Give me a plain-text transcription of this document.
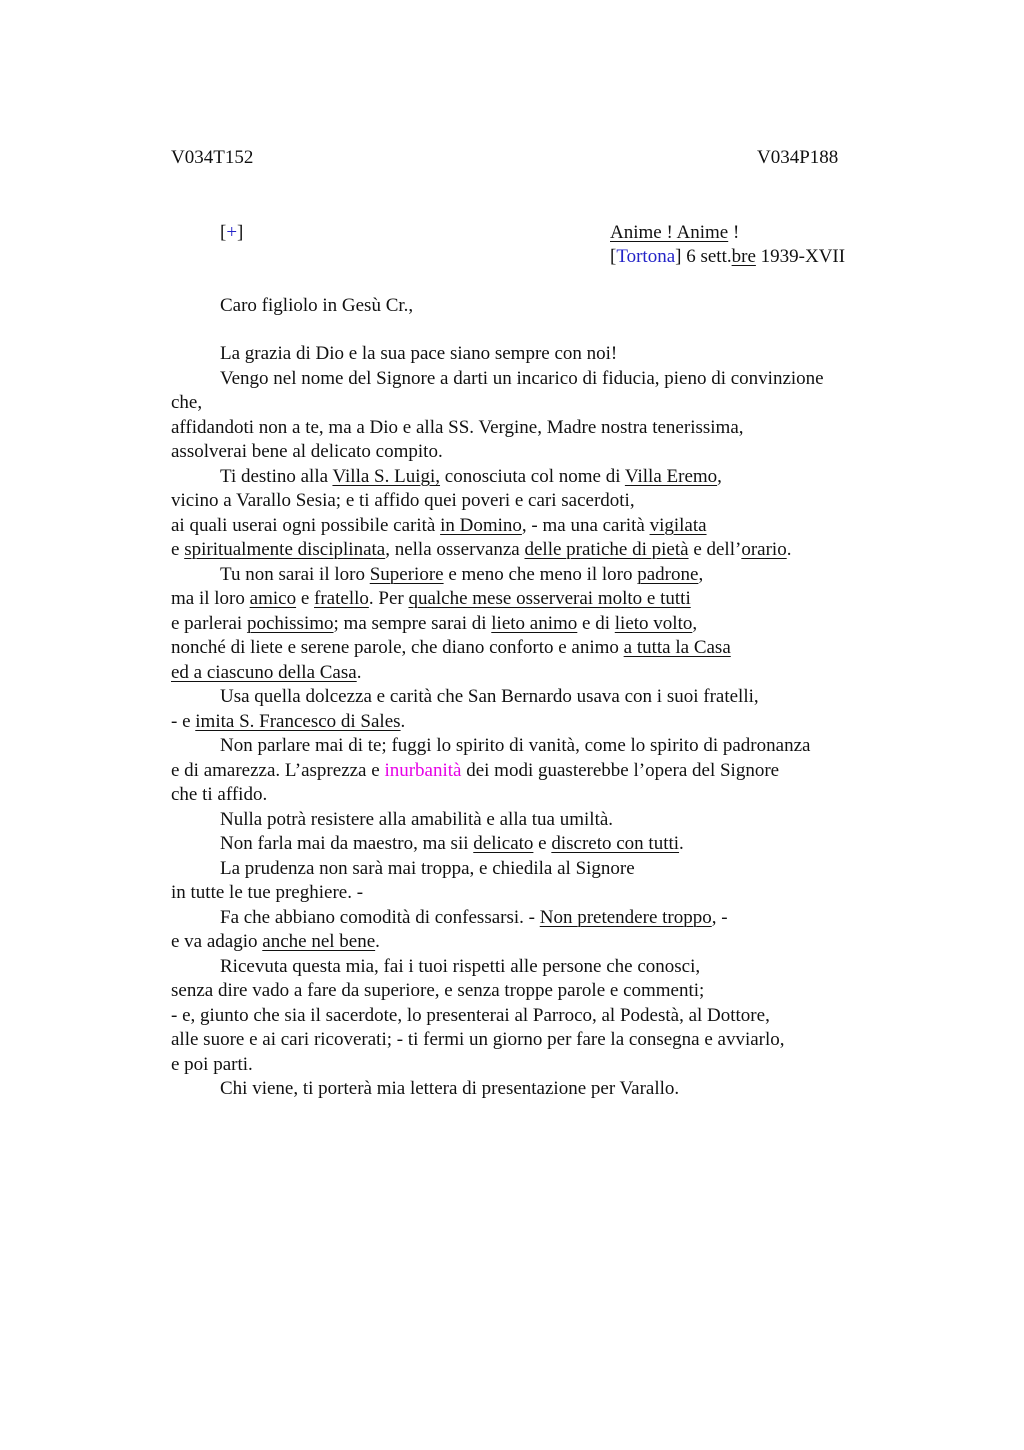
V034T152	V034P188
[+]	Anime ! Anime !
[Tortona] 6 sett.bre 1939-XVII
Caro figliolo in Gesù Cr.,
La grazia di Dio e la sua pace siano sempre con noi!
Vengo nel nome del Signore a darti un incarico di fiducia, pieno di convinzione
che,
affidandoti non a te, ma a Dio e alla SS. Vergine, Madre nostra tenerissima,
assolverai bene al delicato compito.
Ti destino alla Villa S. Luigi, conosciuta col nome di Villa Eremo,
vicino a Varallo Sesia; e ti affido quei poveri e cari sacerdoti,
ai quali userai ogni possibile carità in Domino, - ma una carità vigilata
e spiritualmente disciplinata, nella osservanza delle pratiche di pietà e dell’orario.
Tu non sarai il loro Superiore e meno che meno il loro padrone,
ma il loro amico e fratello. Per qualche mese osserverai molto e tutti
e parlerai pochissimo; ma sempre sarai di lieto animo e di lieto volto,
nonché di liete e serene parole, che diano conforto e animo a tutta la Casa
ed a ciascuno della Casa.
Usa quella dolcezza e carità che San Bernardo usava con i suoi fratelli,
- e imita S. Francesco di Sales.
Non parlare mai di te; fuggi lo spirito di vanità, come lo spirito di padronanza
e di amarezza. L’asprezza e inurbanità dei modi guasterebbe l’opera del Signore
che ti affido.
Nulla potrà resistere alla amabilità e alla tua umiltà.
Non farla mai da maestro, ma sii delicato e discreto con tutti.
La prudenza non sarà mai troppa, e chiedila al Signore
in tutte le tue preghiere. -
Fa che abbiano comodità di confessarsi. - Non pretendere troppo, -
e va adagio anche nel bene.
Ricevuta questa mia, fai i tuoi rispetti alle persone che conosci,
senza dire vado a fare da superiore, e senza troppe parole e commenti;
- e, giunto che sia il sacerdote, lo presenterai al Parroco, al Podestà, al Dottore,
alle suore e ai cari ricoverati; - ti fermi un giorno per fare la consegna e avviarlo,
e poi parti.
Chi viene, ti porterà mia lettera di presentazione per Varallo.
